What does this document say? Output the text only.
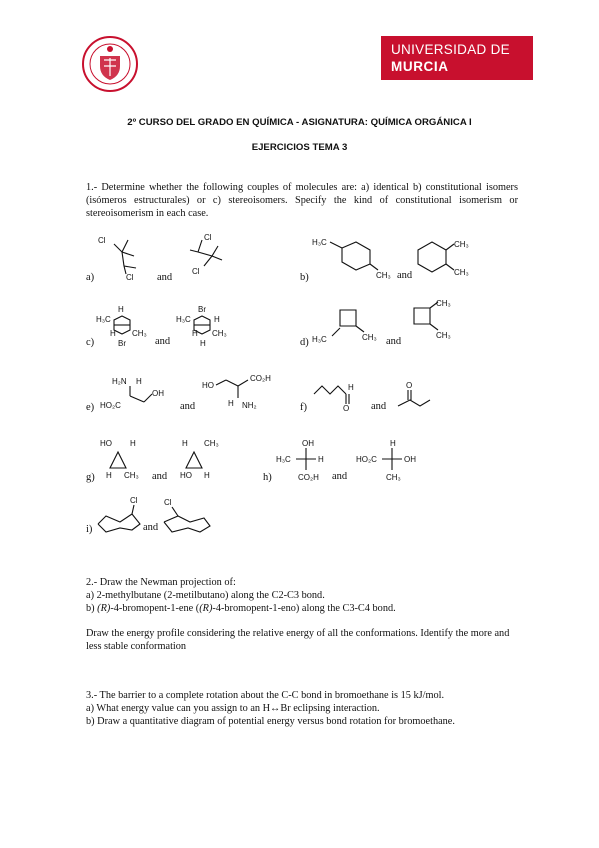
UNIVERSIDAD DE
MURCIA
2º CURSO DEL GRADO EN QUÍMICA - ASIGNATURA: QUÍMICA ORGÁNICA I
EJERCICIOS TEMA 3
1.- Determine whether the following couples of molecules are: a) identical b) constitutional isomers (isómeros estructurales) or c) stereoisomers. Specify the kind of constitutional isomerism or stereoisomerism in each case.
a)	and	b)	and
Cl
Cl
Cl
Cl
H₃C
CH₃
CH₃
CH₃
c)	and	d)	and
H
H₃C
H CH₃
Br
Br
H₃C	H
H CH₃
H	H₃C	CH₃
CH₃
CH₃
e)	and	f)	and
H₂N H
OH
HO₂C
HO
CO₂H
H NH₂
H
O
O
g)	and	h)	and
HO H
H CH₃
H CH₃
HO H
OH
H₃C	H
CO₂H
H
HO₂C	OH
CH₃
i)	and
Cl	Cl
2.- Draw the Newman projection of:
a) 2-methylbutane (2-metilbutano) along the C2-C3 bond.
b) (R)-4-bromopent-1-ene ((R)-4-bromopent-1-eno) along the C3-C4 bond.
Draw the energy profile considering the relative energy of all the conformations. Identify the more and less stable conformation
3.- The barrier to a complete rotation about the C-C bond in bromoethane is 15 kJ/mol.
a) What energy value can you assign to an H↔Br eclipsing interaction.
b) Draw a quantitative diagram of potential energy versus bond rotation for bromoethane.
